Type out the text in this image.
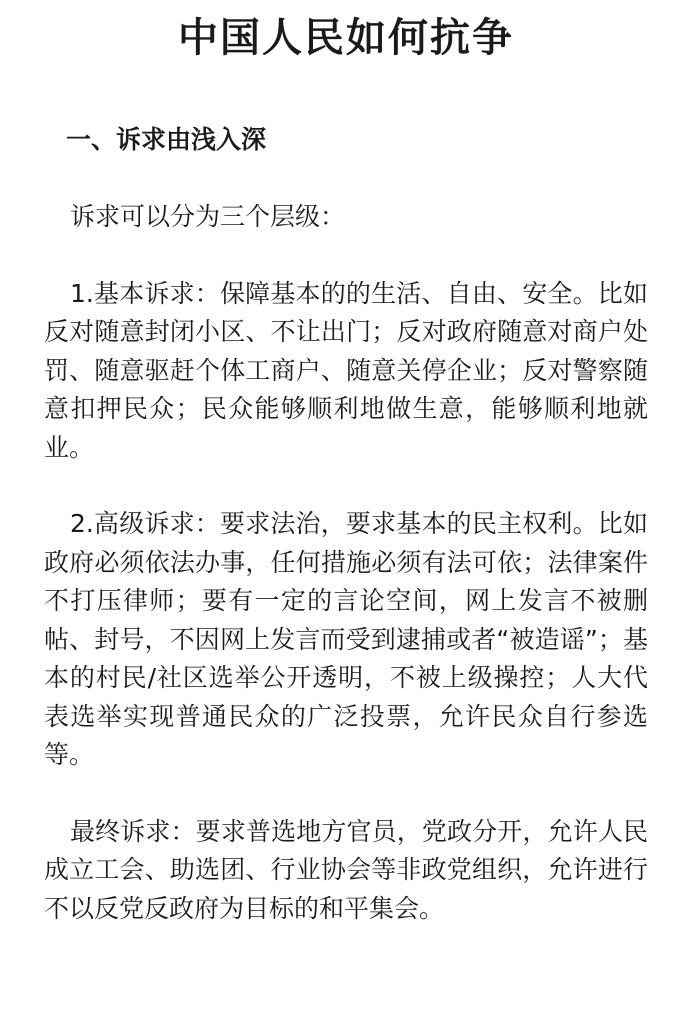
中国人民如何抗争
一、诉求由浅入深

诉求可以分为三个层级：

1.基本诉求：保障基本的的生活、自由、安全。比如反对随意封闭小区、不让出门；反对政府随意对商户处罚、随意驱赶个体工商户、随意关停企业；反对警察随意扣押民众；民众能够顺利地做生意，能够顺利地就业。

2.高级诉求：要求法治，要求基本的民主权利。比如政府必须依法办事，任何措施必须有法可依；法律案件不打压律师；要有一定的言论空间，网上发言不被删帖、封号，不因网上发言而受到逮捕或者“被造谣”；基本的村民/社区选举公开透明，不被上级操控；人大代表选举实现普通民众的广泛投票，允许民众自行参选等。

最终诉求：要求普选地方官员，党政分开，允许人民成立工会、助选团、行业协会等非政党组织，允许进行不以反党反政府为目标的和平集会。
